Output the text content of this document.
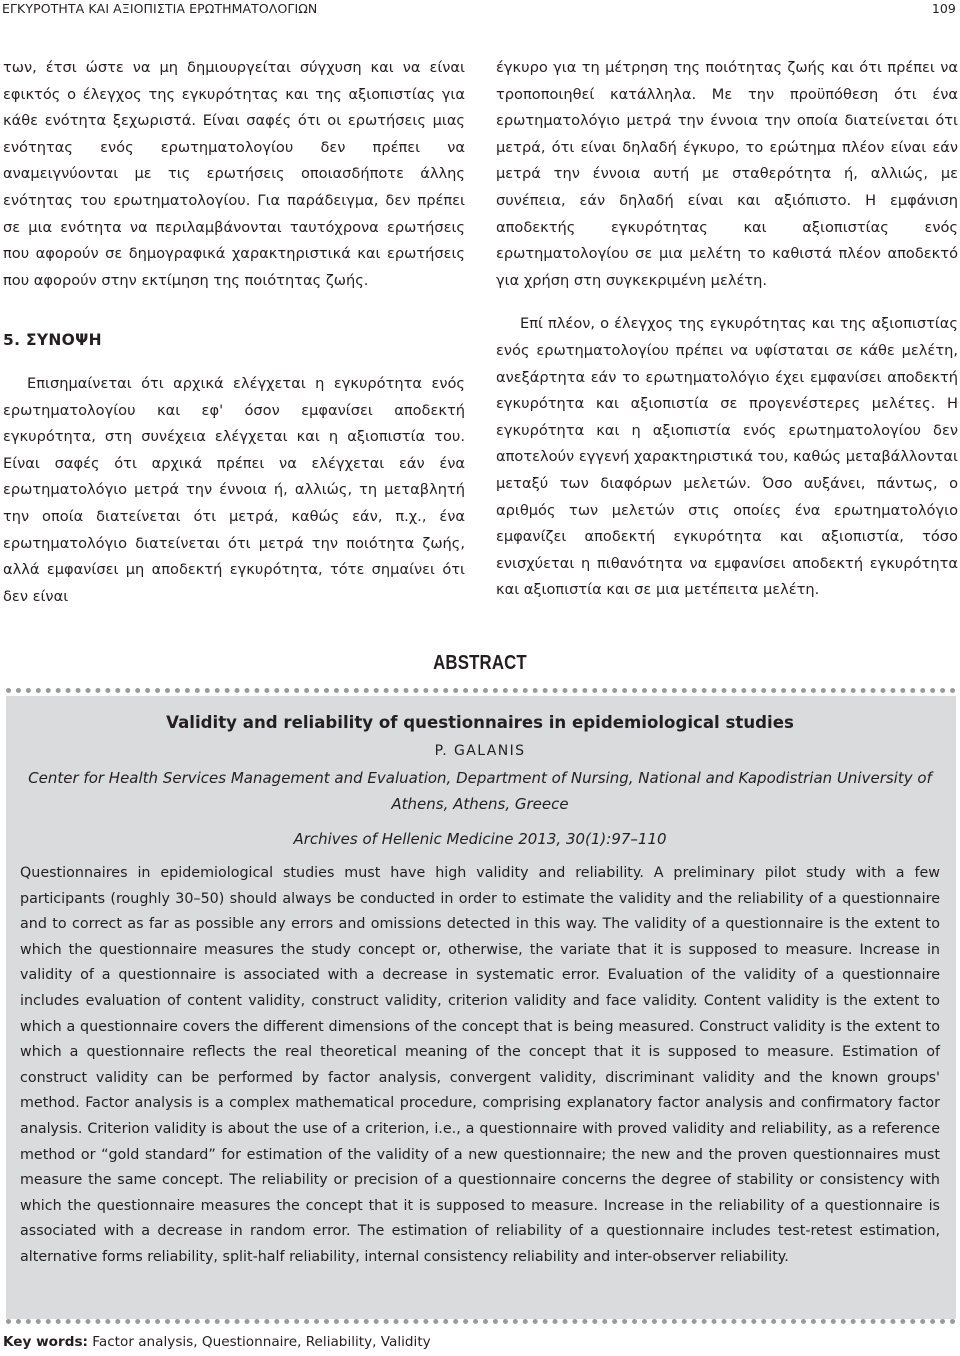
ΕΓΚΥΡΟΤΗΤΑ ΚΑΙ ΑΞΙΟΠΙΣΤΙΑ ΕΡΩΤΗΜΑΤΟΛΟΓΙΩΝ	109

των, έτσι ώστε να μη δημιουργείται σύγχυση και να είναι εφικτός ο έλεγχος της εγκυρότητας και της αξιοπιστίας για κάθε ενότητα ξεχωριστά. Είναι σαφές ότι οι ερωτήσεις μιας ενότητας ενός ερωτηματολογίου δεν πρέπει να αναμειγνύονται με τις ερωτήσεις οποιασδήποτε άλλης ενότητας του ερωτηματολογίου. Για παράδειγμα, δεν πρέπει σε μια ενότητα να περιλαμβάνονται ταυτόχρονα ερωτήσεις που αφορούν σε δημογραφικά χαρακτηριστικά και ερωτήσεις που αφορούν στην εκτίμηση της ποιότητας ζωής.

5. ΣΥΝΟΨΗ

Επισημαίνεται ότι αρχικά ελέγχεται η εγκυρότητα ενός ερωτηματολογίου και εφ' όσον εμφανίσει αποδεκτή εγκυρότητα, στη συνέχεια ελέγχεται και η αξιοπιστία του. Είναι σαφές ότι αρχικά πρέπει να ελέγχεται εάν ένα ερωτηματολόγιο μετρά την έννοια ή, αλλιώς, τη μεταβλητή την οποία διατείνεται ότι μετρά, καθώς εάν, π.χ., ένα ερωτηματολόγιο διατείνεται ότι μετρά την ποιότητα ζωής, αλλά εμφανίσει μη αποδεκτή εγκυρότητα, τότε σημαίνει ότι δεν είναι

έγκυρο για τη μέτρηση της ποιότητας ζωής και ότι πρέπει να τροποποιηθεί κατάλληλα. Με την προϋπόθεση ότι ένα ερωτηματολόγιο μετρά την έννοια την οποία διατείνεται ότι μετρά, ότι είναι δηλαδή έγκυρο, το ερώτημα πλέον είναι εάν μετρά την έννοια αυτή με σταθερότητα ή, αλλιώς, με συνέπεια, εάν δηλαδή είναι και αξιόπιστο. Η εμφάνιση αποδεκτής εγκυρότητας και αξιοπιστίας ενός ερωτηματολογίου σε μια μελέτη το καθιστά πλέον αποδεκτό για χρήση στη συγκεκριμένη μελέτη.

Επί πλέον, ο έλεγχος της εγκυρότητας και της αξιοπιστίας ενός ερωτηματολογίου πρέπει να υφίσταται σε κάθε μελέτη, ανεξάρτητα εάν το ερωτηματολόγιο έχει εμφανίσει αποδεκτή εγκυρότητα και αξιοπιστία σε προγενέστερες μελέτες. Η εγκυρότητα και η αξιοπιστία ενός ερωτηματολογίου δεν αποτελούν εγγενή χαρακτηριστικά του, καθώς μεταβάλλονται μεταξύ των διαφόρων μελετών. Όσο αυξάνει, πάντως, ο αριθμός των μελετών στις οποίες ένα ερωτηματολόγιο εμφανίζει αποδεκτή εγκυρότητα και αξιοπιστία, τόσο ενισχύεται η πιθανότητα να εμφανίσει αποδεκτή εγκυρότητα και αξιοπιστία και σε μια μετέπειτα μελέτη.

ABSTRACT

Validity and reliability of questionnaires in epidemiological studies

P. GALANIS

Center for Health Services Management and Evaluation, Department of Nursing, National and Kapodistrian University of Athens, Athens, Greece

Archives of Hellenic Medicine 2013, 30(1):97–110

Questionnaires in epidemiological studies must have high validity and reliability. A preliminary pilot study with a few participants (roughly 30–50) should always be conducted in order to estimate the validity and the reliability of a questionnaire and to correct as far as possible any errors and omissions detected in this way. The validity of a questionnaire is the extent to which the questionnaire measures the study concept or, otherwise, the variate that it is supposed to measure. Increase in validity of a questionnaire is associated with a decrease in systematic error. Evaluation of the validity of a questionnaire includes evaluation of content validity, construct validity, criterion validity and face validity. Content validity is the extent to which a questionnaire covers the different dimensions of the concept that is being measured. Construct validity is the extent to which a questionnaire reflects the real theoretical meaning of the concept that it is supposed to measure. Estimation of construct validity can be performed by factor analysis, convergent validity, discriminant validity and the known groups' method. Factor analysis is a complex mathematical procedure, comprising explanatory factor analysis and confirmatory factor analysis. Criterion validity is about the use of a criterion, i.e., a questionnaire with proved validity and reliability, as a reference method or “gold standard” for estimation of the validity of a new questionnaire; the new and the proven questionnaires must measure the same concept. The reliability or precision of a questionnaire concerns the degree of stability or consistency with which the questionnaire measures the concept that it is supposed to measure. Increase in the reliability of a questionnaire is associated with a decrease in random error. The estimation of reliability of a questionnaire includes test-retest estimation, alternative forms reliability, split-half reliability, internal consistency reliability and inter-observer reliability.

Key words: Factor analysis, Questionnaire, Reliability, Validity
